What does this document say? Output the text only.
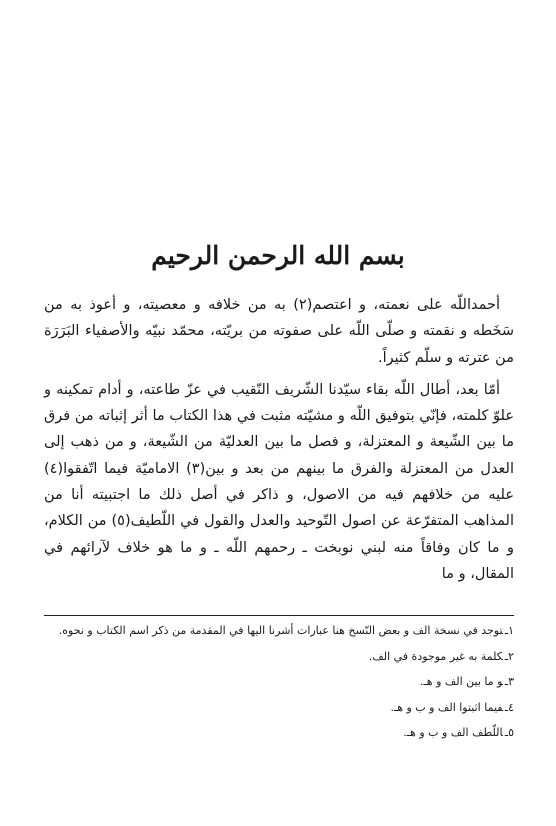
بسم الله الرحمن الرحيم

أحمداللّه على نعمته، و اعتصم(٢) به من خلافه و معصيته، و أعوذ به من سَخَطه و نقمته و صلّى اللّه على صفوته من بريّته، محمّد نبيّه والأصفياء البَرَرَة من عترته و سلّم كثيراً.

أمّا بعد، أطال اللّه بقاء سيّدنا الشّريف النّقيب في عزّ طاعته، و أدام تمكينه و علوّ كلمته، فإنّي بتوفيق اللّه و مشيّته مثبت في هذا الكتاب ما أثر إثباته من فرق ما بين الشّيعة و المعتزلة، و فصل ما بين العدليّة من الشّيعة، و من ذهب إلى العدل من المعتزلة والفرق ما بينهم من بعد و بين(٣) الاماميّة فيما اتّفقوا(٤) عليه من خلافهم فيه من الاصول، و ذاكر في أصل ذلك ما اجتبيته أنا من المذاهب المتفرّعة عن اصول التّوحيد والعدل والقول في اللّطيف(٥) من الكلام، و ما كان وفاقاً منه لبني نوبخت ـ رحمهم اللّه ـ و ما هو خلاف لآرائهم في المقال، و ما

١ـتوجد في نسخة الف و بعض النّسخ هنا عبارات أشرنا اليها في المقدمة من ذكر اسم الكتاب و نحوه.

٢ـكلمة به غير موجودة في الف.

٣ـو ما بين الف و هـ.

٤ـفيما اثبتوا الف و ب و هـ.

٥ـاللّطف الف و ب و هـ.
